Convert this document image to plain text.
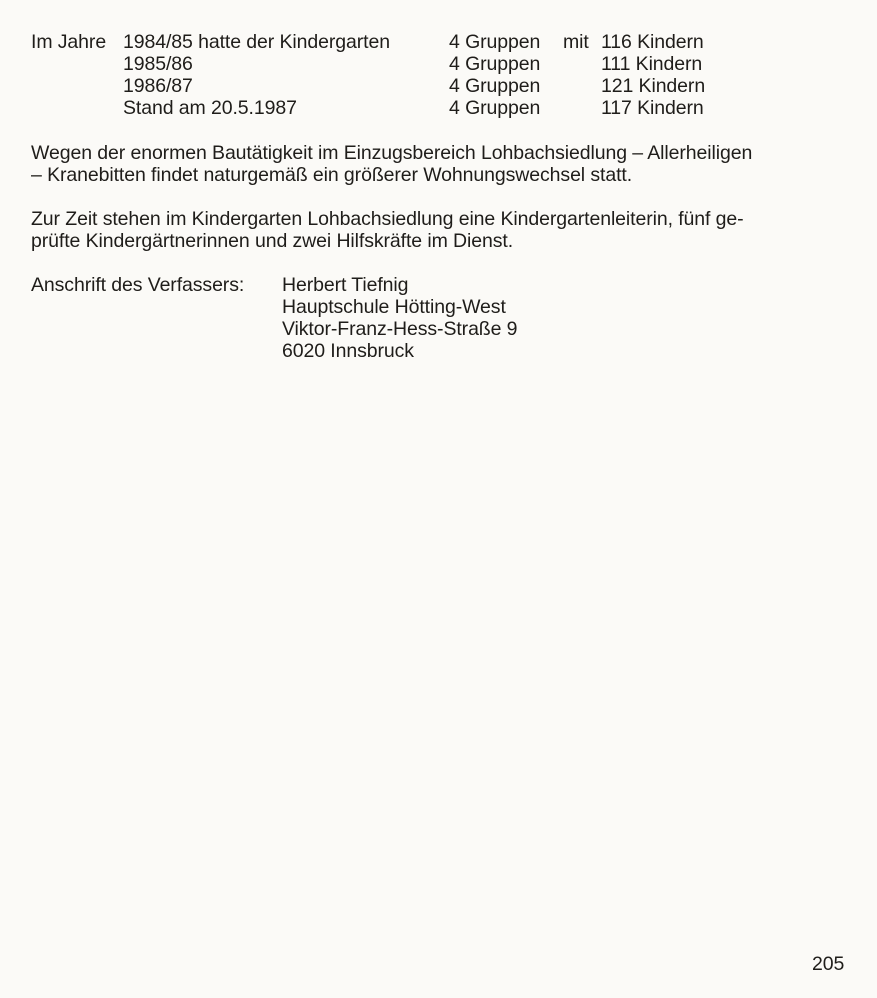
Im Jahre 1984/85 hatte der Kindergarten	4 Gruppen mit 116 Kindern
1985/86	4 Gruppen	111 Kindern
1986/87	4 Gruppen	121 Kindern
Stand am 20.5.1987	4 Gruppen	117 Kindern

Wegen der enormen Bautätigkeit im Einzugsbereich Lohbachsiedlung – Allerheiligen
– Kranebitten findet naturgemäß ein größerer Wohnungswechsel statt.

Zur Zeit stehen im Kindergarten Lohbachsiedlung eine Kindergartenleiterin, fünf ge-
prüfte Kindergärtnerinnen und zwei Hilfskräfte im Dienst.

Anschrift des Verfassers: Herbert Tiefnig
Hauptschule Hötting-West
Viktor-Franz-Hess-Straße 9
6020 Innsbruck
205
